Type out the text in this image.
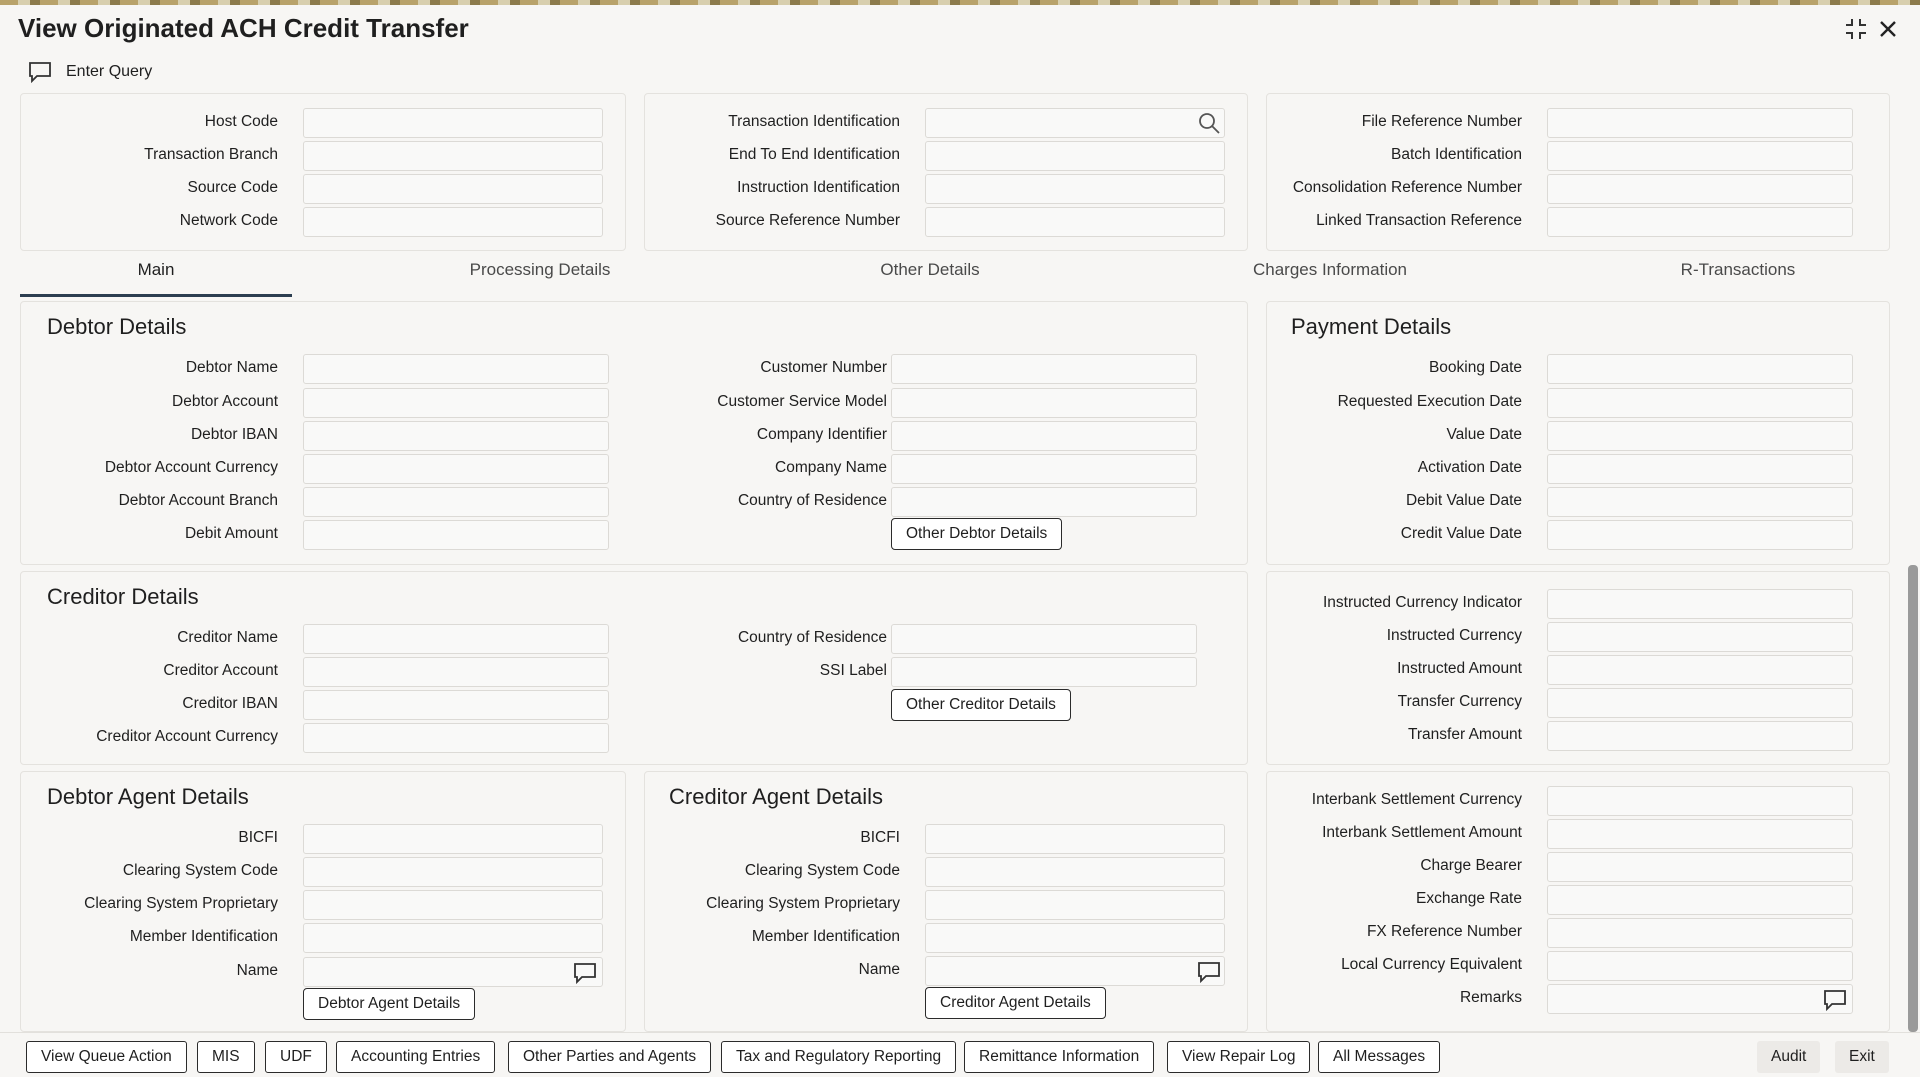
View Originated ACH Credit Transfer
Enter Query
Host Code
Transaction Branch
Source Code
Network Code
Transaction Identification
End To End Identification
Instruction Identification
Source Reference Number
File Reference Number
Batch Identification
Consolidation Reference Number
Linked Transaction Reference
Main	Processing Details	Other Details	Charges Information	R-Transactions
Debtor Details
Debtor Name
Debtor Account
Debtor IBAN
Debtor Account Currency
Debtor Account Branch
Debit Amount
Customer Number
Customer Service Model
Company Identifier
Company Name
Country of Residence
Other Debtor Details
Payment Details
Booking Date
Requested Execution Date
Value Date
Activation Date
Debit Value Date
Credit Value Date
Creditor Details
Creditor Name
Creditor Account
Creditor IBAN
Creditor Account Currency
Country of Residence
SSI Label
Other Creditor Details
Instructed Currency Indicator
Instructed Currency
Instructed Amount
Transfer Currency
Transfer Amount
Debtor Agent Details
BICFI
Clearing System Code
Clearing System Proprietary
Member Identification
Name
Debtor Agent Details
Creditor Agent Details
BICFI
Clearing System Code
Clearing System Proprietary
Member Identification
Name
Creditor Agent Details
Interbank Settlement Currency
Interbank Settlement Amount
Charge Bearer
Exchange Rate
FX Reference Number
Local Currency Equivalent
Remarks
View Queue Action	MIS	UDF	Accounting Entries	Other Parties and Agents	Tax and Regulatory Reporting	Remittance Information	View Repair Log	All Messages	Audit	Exit
